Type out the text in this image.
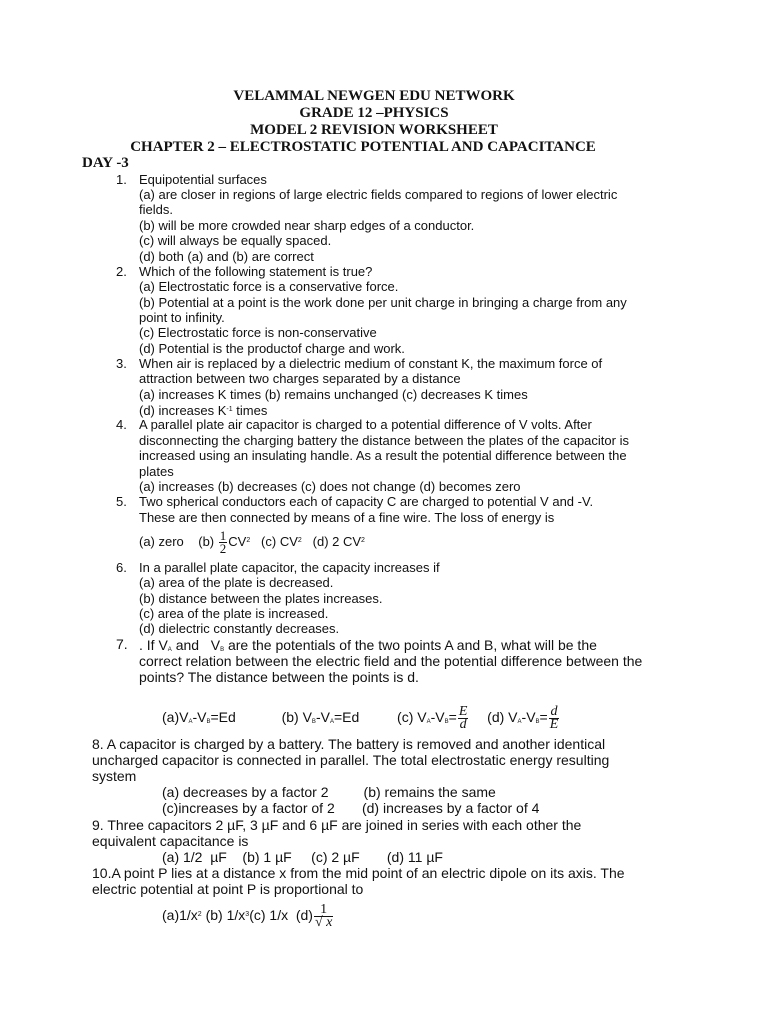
VELAMMAL NEWGEN EDU NETWORK
GRADE 12 –PHYSICS
MODEL 2 REVISION WORKSHEET
CHAPTER 2 – ELECTROSTATIC POTENTIAL AND CAPACITANCE
DAY -3
1. Equipotential surfaces
(a) are closer in regions of large electric fields compared to regions of lower electric
fields.
(b) will be more crowded near sharp edges of a conductor.
(c) will always be equally spaced.
(d) both (a) and (b) are correct
2. Which of the following statement is true?
(a) Electrostatic force is a conservative force.
(b) Potential at a point is the work done per unit charge in bringing a charge from any
point to infinity.
(c) Electrostatic force is non-conservative
(d) Potential is the productof charge and work.
3. When air is replaced by a dielectric medium of constant K, the maximum force of
attraction between two charges separated by a distance
(a) increases K times (b) remains unchanged (c) decreases K times
(d) increases $K^{-1}$ times
4. A parallel plate air capacitor is charged to a potential difference of V volts. After
disconnecting the charging battery the distance between the plates of the capacitor is
increased using an insulating handle. As a result the potential difference between the
plates
(a) increases (b) decreases (c) does not change (d) becomes zero
5. Two spherical conductors each of capacity C are charged to potential V and -V.
These are then connected by means of a fine wire. The loss of energy is
(a) zero    $(b) \frac{1}{2} CV^2$   (c) $CV^2$   (d) 2 $CV^2$
6. In a parallel plate capacitor, the capacity increases if
(a) area of the plate is decreased.
(b) distance between the plates increases.
(c) area of the plate is increased.
(d) dielectric constantly decreases.
7. . If $V_A$ and   $V_B$ are the potentials of the two points A and B, what will be the
correct relation between the electric field and the potential difference between the
points? The distance between the points is d.
$(a)V_A-V_B=Ed$	(b) $V_B-V_A=Ed$	(c) $V_A-V_B= \frac{E}{d} (d)$ $V_A-V_B= \frac{d}{E}$
8. A capacitor is charged by a battery. The battery is removed and another identical
uncharged capacitor is connected in parallel. The total electrostatic energy resulting
system
(a) decreases by a factor 2         (b) remains the same
(c)increases by a factor of 2       (d) increases by a factor of 4
9. Three capacitors 2 µF, 3 µF and 6 µF are joined in series with each other the
equivalent capacitance is
(a) 1/2  µF    (b) 1 µF     (c) 2 µF       (d) 11 µF
10.A point P lies at a distance x from the mid point of an electric dipole on its axis. The
electric potential at point P is proportional to
$(a)1/x^2$ (b) $1/x^3(c)$ 1/x  $(d) \frac{1}{√ x}$
